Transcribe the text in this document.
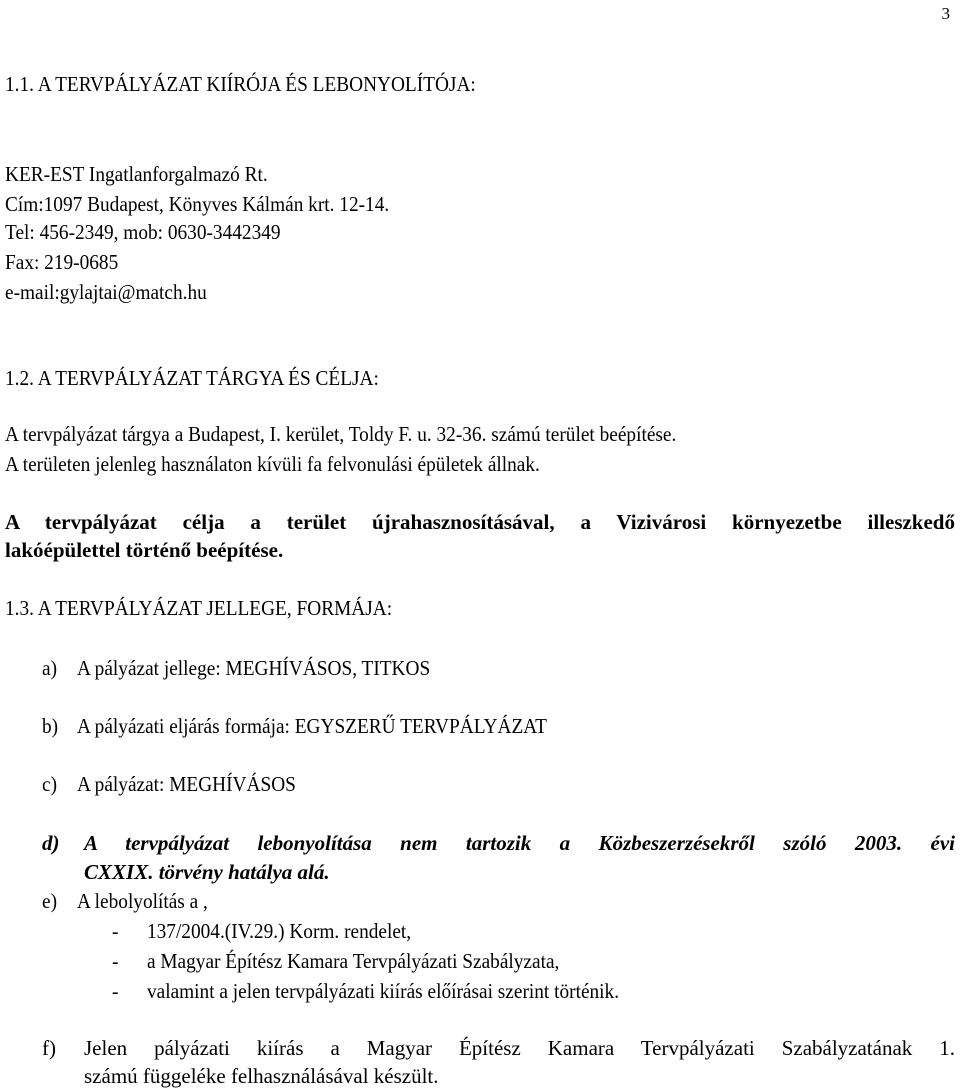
3
1.1. A TERVPÁLYÁZAT KIÍRÓJA ÉS LEBONYOLÍTÓJA:
KER-EST Ingatlanforgalmazó Rt.
Cím:1097 Budapest, Könyves Kálmán krt. 12-14.
Tel: 456-2349, mob: 0630-3442349
Fax: 219-0685
e-mail:gylajtai@match.hu
1.2. A TERVPÁLYÁZAT TÁRGYA ÉS CÉLJA:
A tervpályázat tárgya a Budapest, I. kerület, Toldy F. u. 32-36. számú terület beépítése.
A területen jelenleg használaton kívüli fa felvonulási épületek állnak.
A tervpályázat célja a terület újrahasznosításával, a Vizivárosi környezetbe illeszkedő
lakóépülettel történő beépítése.
1.3. A TERVPÁLYÁZAT JELLEGE, FORMÁJA:
a) A pályázat jellege: MEGHÍVÁSOS, TITKOS
b) A pályázati eljárás formája: EGYSZERŰ TERVPÁLYÁZAT
c) A pályázat: MEGHÍVÁSOS
d) A tervpályázat lebonyolítása nem tartozik a Közbeszerzésekről szóló 2003. évi
CXXIX. törvény hatálya alá.
e) A lebolyolítás a ,
- 137/2004.(IV.29.) Korm. rendelet,
- a Magyar Építész Kamara Tervpályázati Szabályzata,
- valamint a jelen tervpályázati kiírás előírásai szerint történik.
f) Jelen pályázati kiírás a Magyar Építész Kamara Tervpályázati Szabályzatának 1.
számú függeléke felhasználásával készült.
